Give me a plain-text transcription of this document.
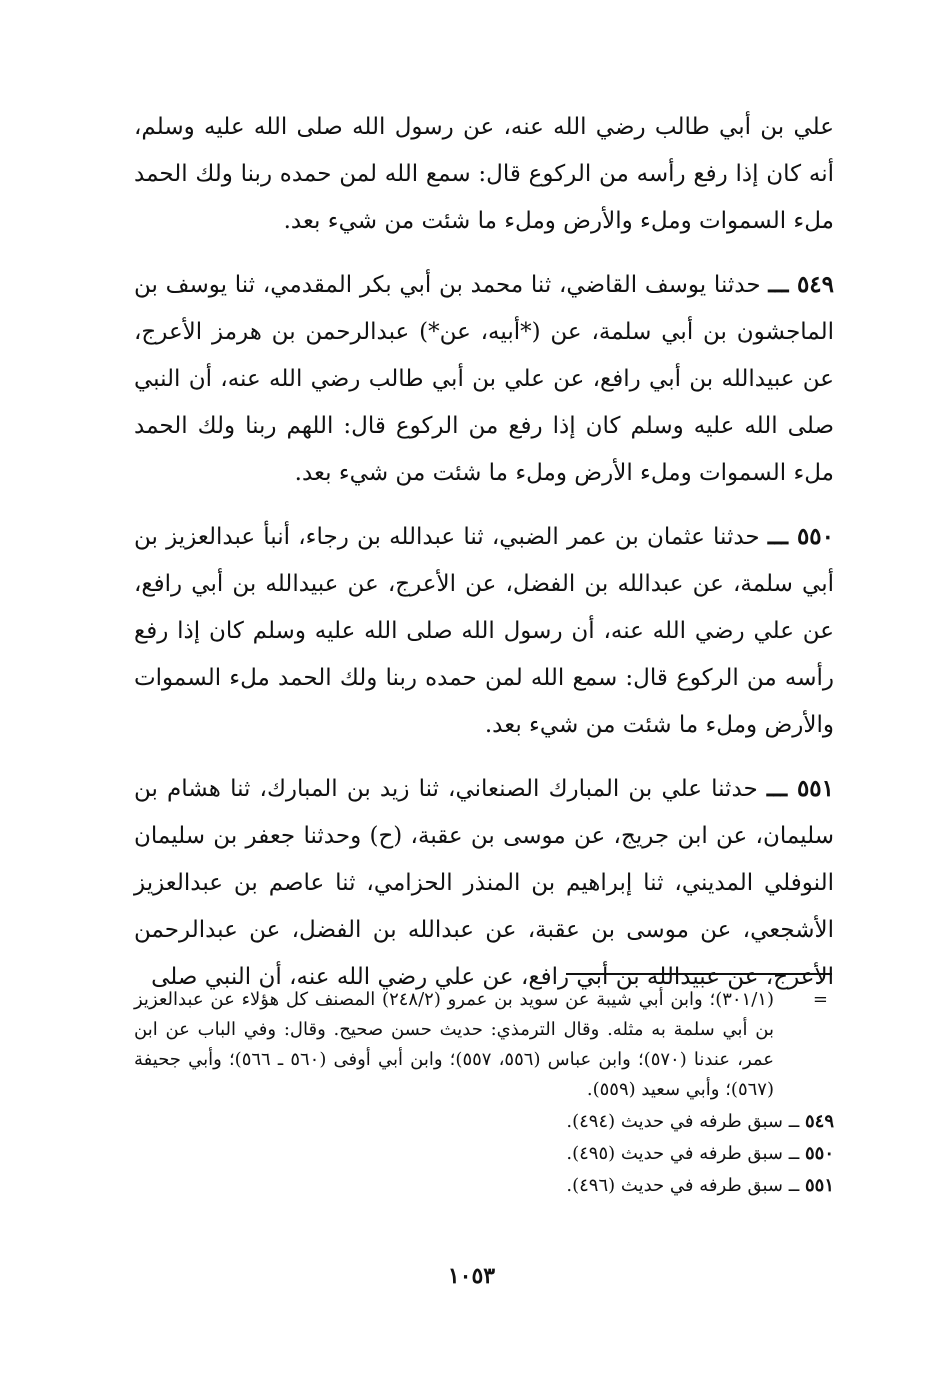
علي بن أبي طالب رضي الله عنه، عن رسول الله صلى الله عليه وسلم، أنه كان إذا رفع رأسه من الركوع قال: سمع الله لمن حمده ربنا ولك الحمد ملء السموات وملء والأرض وملء ما شئت من شيء بعد.

٥٤٩ ـــ حدثنا يوسف القاضي، ثنا محمد بن أبي بكر المقدمي، ثنا يوسف بن الماجشون بن أبي سلمة، عن (*أبيه، عن*) عبدالرحمن بن هرمز الأعرج، عن عبيدالله بن أبي رافع، عن علي بن أبي طالب رضي الله عنه، أن النبي صلى الله عليه وسلم كان إذا رفع من الركوع قال: اللهم ربنا ولك الحمد ملء السموات وملء الأرض وملء ما شئت من شيء بعد.

٥٥٠ ـــ حدثنا عثمان بن عمر الضبي، ثنا عبدالله بن رجاء، أنبأ عبدالعزيز بن أبي سلمة، عن عبدالله بن الفضل، عن الأعرج، عن عبيدالله بن أبي رافع، عن علي رضي الله عنه، أن رسول الله صلى الله عليه وسلم كان إذا رفع رأسه من الركوع قال: سمع الله لمن حمده ربنا ولك الحمد ملء السموات والأرض وملء ما شئت من شيء بعد.

٥٥١ ـــ حدثنا علي بن المبارك الصنعاني، ثنا زيد بن المبارك، ثنا هشام بن سليمان، عن ابن جريج، عن موسى بن عقبة، (ح) وحدثنا جعفر بن سليمان النوفلي المديني، ثنا إبراهيم بن المنذر الحزامي، ثنا عاصم بن عبدالعزيز الأشجعي، عن موسى بن عقبة، عن عبدالله بن الفضل، عن عبدالرحمن الأعرج، عن عبيدالله بن أبي رافع، عن علي رضي الله عنه، أن النبي صلى

=
(٣٠١/١)؛ وابن أبي شيبة عن سويد بن عمرو (٢٤٨/٢) المصنف كل هؤلاء عن عبدالعزيز بن أبي سلمة به مثله. وقال الترمذي: حديث حسن صحيح. وقال: وفي الباب عن ابن عمر، عندنا (٥٧٠)؛ وابن عباس (٥٥٦، ٥٥٧)؛ وابن أبي أوفى (٥٦٠ ـ ٥٦٦)؛ وأبي جحيفة (٥٦٧)؛ وأبي سعيد (٥٥٩).
٥٤٩ ــ سبق طرفه في حديث (٤٩٤).
٥٥٠ ــ سبق طرفه في حديث (٤٩٥).
٥٥١ ــ سبق طرفه في حديث (٤٩٦).
١٠٥٣
